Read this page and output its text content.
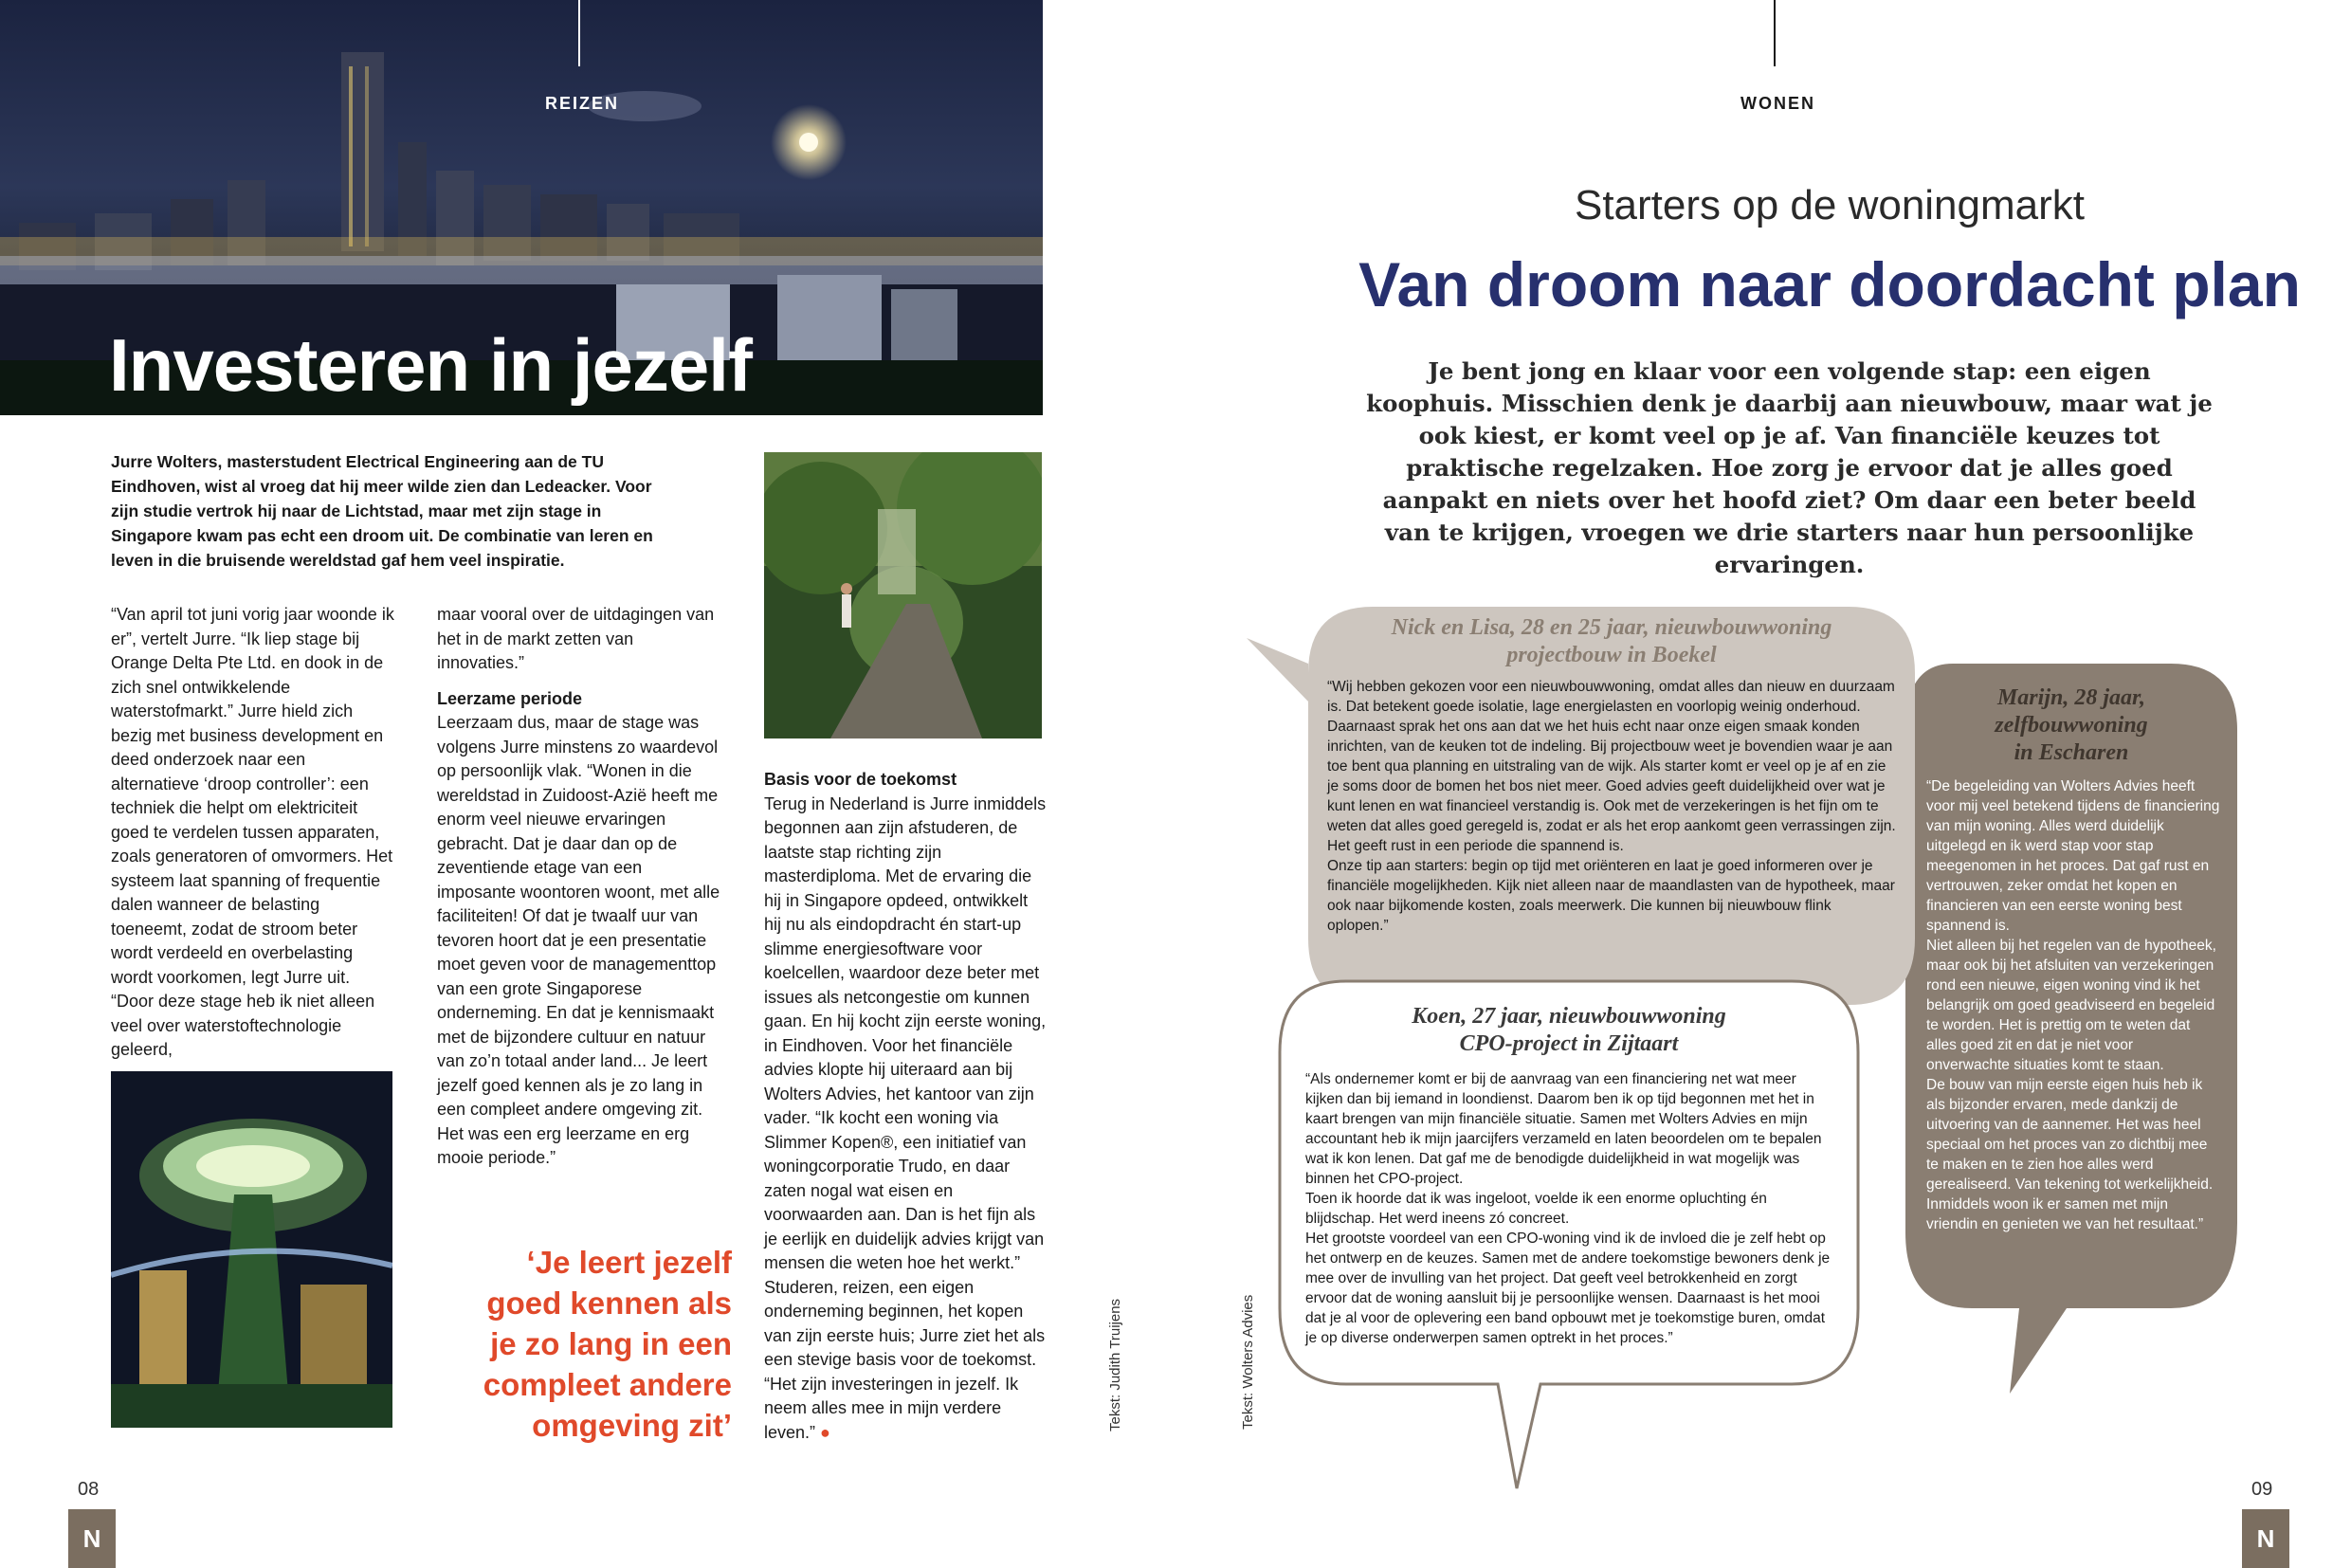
REIZEN
Investeren in jezelf
Jurre Wolters, masterstudent Electrical Engineering aan de TU Eindhoven, wist al vroeg dat hij meer wilde zien dan Ledeacker. Voor zijn studie vertrok hij naar de Lichtstad, maar met zijn stage in Singapore kwam pas echt een droom uit. De combinatie van leren en leven in die bruisende wereldstad gaf hem veel inspiratie.

“Van april tot juni vorig jaar woonde ik er”, vertelt Jurre. “Ik liep stage bij Orange Delta Pte Ltd. en dook in de zich snel ontwikkelende waterstofmarkt.” Jurre hield zich bezig met business development en deed onderzoek naar een alternatieve ‘droop controller’: een techniek die helpt om elektriciteit goed te verdelen tussen apparaten, zoals generatoren of omvormers. Het systeem laat spanning of frequentie dalen wanneer de belasting toeneemt, zodat de stroom beter wordt verdeeld en overbelasting wordt voorkomen, legt Jurre uit. “Door deze stage heb ik niet alleen veel over waterstoftechnologie geleerd,

maar vooral over de uitdagingen van het in de markt zetten van innovaties.”

Leerzame periode

Leerzaam dus, maar de stage was volgens Jurre minstens zo waardevol op persoonlijk vlak. “Wonen in die wereldstad in Zuidoost-Azië heeft me enorm veel nieuwe ervaringen gebracht. Dat je daar dan op de zeventiende etage van een imposante woontoren woont, met alle faciliteiten! Of dat je twaalf uur van tevoren hoort dat je een presentatie moet geven voor de managementtop van een grote Singaporese onderneming. En dat je kennismaakt met de bijzondere cultuur en natuur van zo’n totaal ander land... Je leert jezelf goed kennen als je zo lang in een compleet andere omgeving zit. Het was een erg leerzame en erg mooie periode.”

‘Je leert jezelf goed kennen als je zo lang in een compleet andere omgeving zit’
Basis voor de toekomst

Terug in Nederland is Jurre inmiddels begonnen aan zijn afstuderen, de laatste stap richting zijn masterdiploma. Met de ervaring die hij in Singapore opdeed, ontwikkelt hij nu als eindopdracht én start-up slimme energiesoftware voor koelcellen, waardoor deze beter met issues als netcongestie om kunnen gaan. En hij kocht zijn eerste woning, in Eindhoven. Voor het financiële advies klopte hij uiteraard aan bij Wolters Advies, het kantoor van zijn vader. “Ik kocht een woning via Slimmer Kopen®, een initiatief van woningcorporatie Trudo, en daar zaten nogal wat eisen en voorwaarden aan. Dan is het fijn als je eerlijk en duidelijk advies krijgt van mensen die weten hoe het werkt.” Studeren, reizen, een eigen onderneming beginnen, het kopen van zijn eerste huis; Jurre ziet het als een stevige basis voor de toekomst. “Het zijn investeringen in jezelf. Ik neem alles mee in mijn verdere leven.” ●

Tekst: Judith Truijens
08
N
WONEN
Starters op de woningmarkt
Van droom naar doordacht plan
Je bent jong en klaar voor een volgende stap: een eigen koophuis. Misschien denk je daarbij aan nieuwbouw, maar wat je ook kiest, er komt veel op je af. Van financiële keuzes tot praktische regelzaken. Hoe zorg je ervoor dat je alles goed aanpakt en niets over het hoofd ziet? Om daar een beter beeld van te krijgen, vroegen we drie starters naar hun persoonlijke ervaringen.
Nick en Lisa, 28 en 25 jaar, nieuwbouwwoning
projectbouw in Boekel

“Wij hebben gekozen voor een nieuwbouwwoning, omdat alles dan nieuw en duurzaam is. Dat betekent goede isolatie, lage energielasten en voorlopig weinig onderhoud. Daarnaast sprak het ons aan dat we het huis echt naar onze eigen smaak konden inrichten, van de keuken tot de indeling. Bij projectbouw weet je bovendien waar je aan toe bent qua planning en uitstraling van de wijk. Als starter komt er veel op je af en zie je soms door de bomen het bos niet meer. Goed advies geeft duidelijkheid over wat je kunt lenen en wat financieel verstandig is. Ook met de verzekeringen is het fijn om te weten dat alles goed geregeld is, zodat er als het erop aankomt geen verrassingen zijn. Het geeft rust in een periode die spannend is.

Onze tip aan starters: begin op tijd met oriënteren en laat je goed informeren over je financiële mogelijkheden. Kijk niet alleen naar de maandlasten van de hypotheek, maar ook naar bijkomende kosten, zoals meerwerk. Die kunnen bij nieuwbouw flink oplopen.”

Koen, 27 jaar, nieuwbouwwoning
CPO-project in Zijtaart

“Als ondernemer komt er bij de aanvraag van een financiering net wat meer kijken dan bij iemand in loondienst. Daarom ben ik op tijd begonnen met het in kaart brengen van mijn financiële situatie. Samen met Wolters Advies en mijn accountant heb ik mijn jaarcijfers verzameld en laten beoordelen om te bepalen wat ik kon lenen. Dat gaf me de benodigde duidelijkheid in wat mogelijk was binnen het CPO-project.

Toen ik hoorde dat ik was ingeloot, voelde ik een enorme opluchting én blijdschap. Het werd ineens zó concreet.

Het grootste voordeel van een CPO-woning vind ik de invloed die je zelf hebt op het ontwerp en de keuzes. Samen met de andere toekomstige bewoners denk je mee over de invulling van het project. Dat geeft veel betrokkenheid en zorgt ervoor dat de woning aansluit bij je persoonlijke wensen. Daarnaast is het mooi dat je al voor de oplevering een band opbouwt met je toekomstige buren, omdat je op diverse onderwerpen samen optrekt in het proces.”

Marijn, 28 jaar,
zelfbouwwoning
in Escharen

“De begeleiding van Wolters Advies heeft voor mij veel betekend tijdens de financiering van mijn woning. Alles werd duidelijk uitgelegd en ik werd stap voor stap meegenomen in het proces. Dat gaf rust en vertrouwen, zeker omdat het kopen en financieren van een eerste woning best spannend is.

Niet alleen bij het regelen van de hypotheek, maar ook bij het afsluiten van verzekeringen rond een nieuwe, eigen woning vind ik het belangrijk om goed geadviseerd en begeleid te worden. Het is prettig om te weten dat alles goed zit en dat je niet voor onverwachte situaties komt te staan.

De bouw van mijn eerste eigen huis heb ik als bijzonder ervaren, mede dankzij de uitvoering van de aannemer. Het was heel speciaal om het proces van zo dichtbij mee te maken en te zien hoe alles werd gerealiseerd. Van tekening tot werkelijkheid. Inmiddels woon ik er samen met mijn vriendin en genieten we van het resultaat.”

Tekst: Wolters Advies
09
N
